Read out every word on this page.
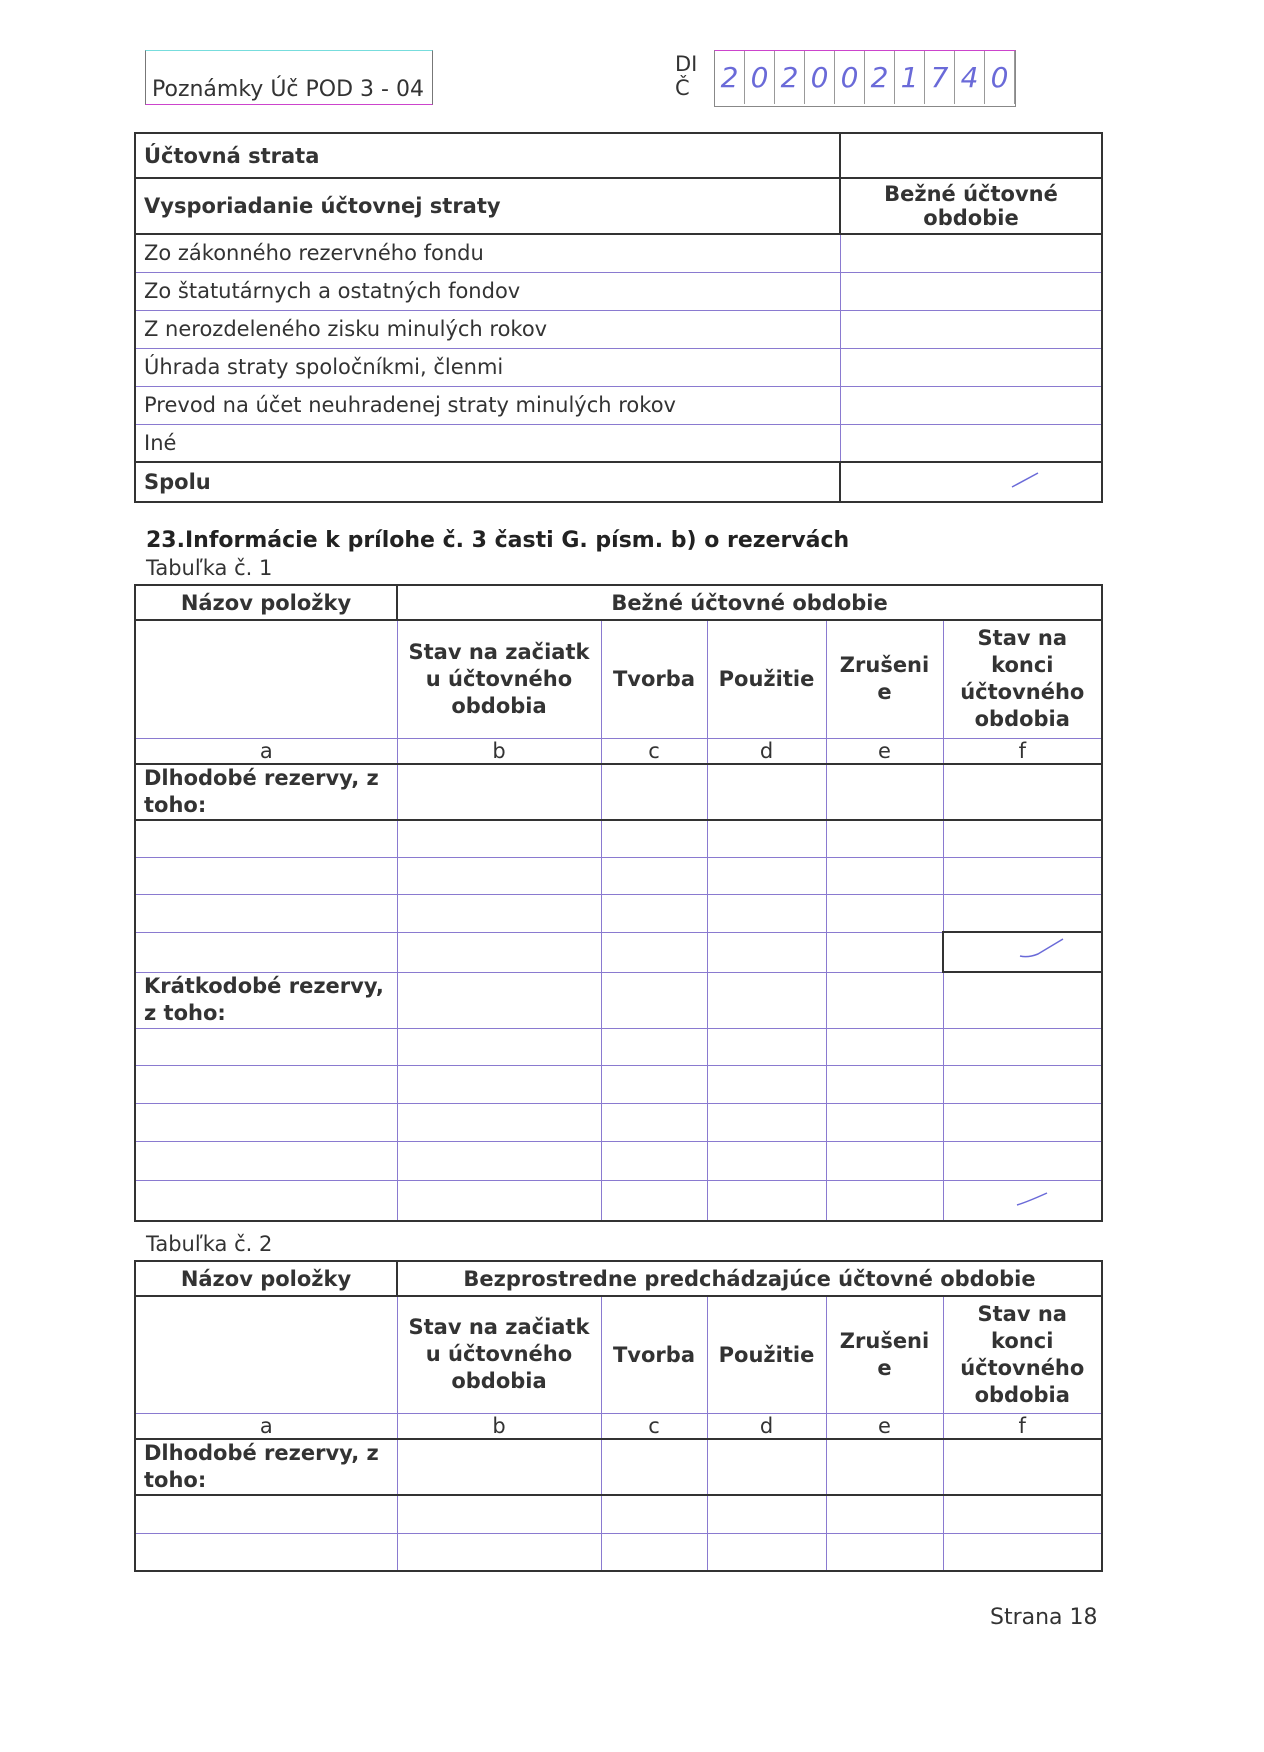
Poznámky Úč POD 3 - 04
DI
Č 2 0 2 0 0 2 1 7 4 0
Účtovná strata	
Vysporiadanie účtovnej straty	Bežné účtovné obdobie
Zo zákonného rezervného fondu	
Zo štatutárnych a ostatných fondov	
Z nerozdeleného zisku minulých rokov	
Úhrada straty spoločníkmi, členmi	
Prevod na účet neuhradenej straty minulých rokov	
Iné	
Spolu	
23.Informácie k prílohe č. 3 časti G. písm. b) o rezervách
Tabuľka č. 1
Názov položky	Bežné účtovné obdobie				
	Stav na začiatk u účtovného obdobia	Tvorba	Použitie	Zrušeni e	Stav na konci účtovného obdobia
a	b	c	d	e	f
Dlhodobé rezervy, z toho:					

Krátkodobé rezervy, z toho:					

Tabuľka č. 2
Názov položky	Bezprostredne predchádzajúce účtovné obdobie				
	Stav na začiatk u účtovného obdobia	Tvorba	Použitie	Zrušeni e	Stav na konci účtovného obdobia
a	b	c	d	e	f
Dlhodobé rezervy, z toho:					

Strana 18
